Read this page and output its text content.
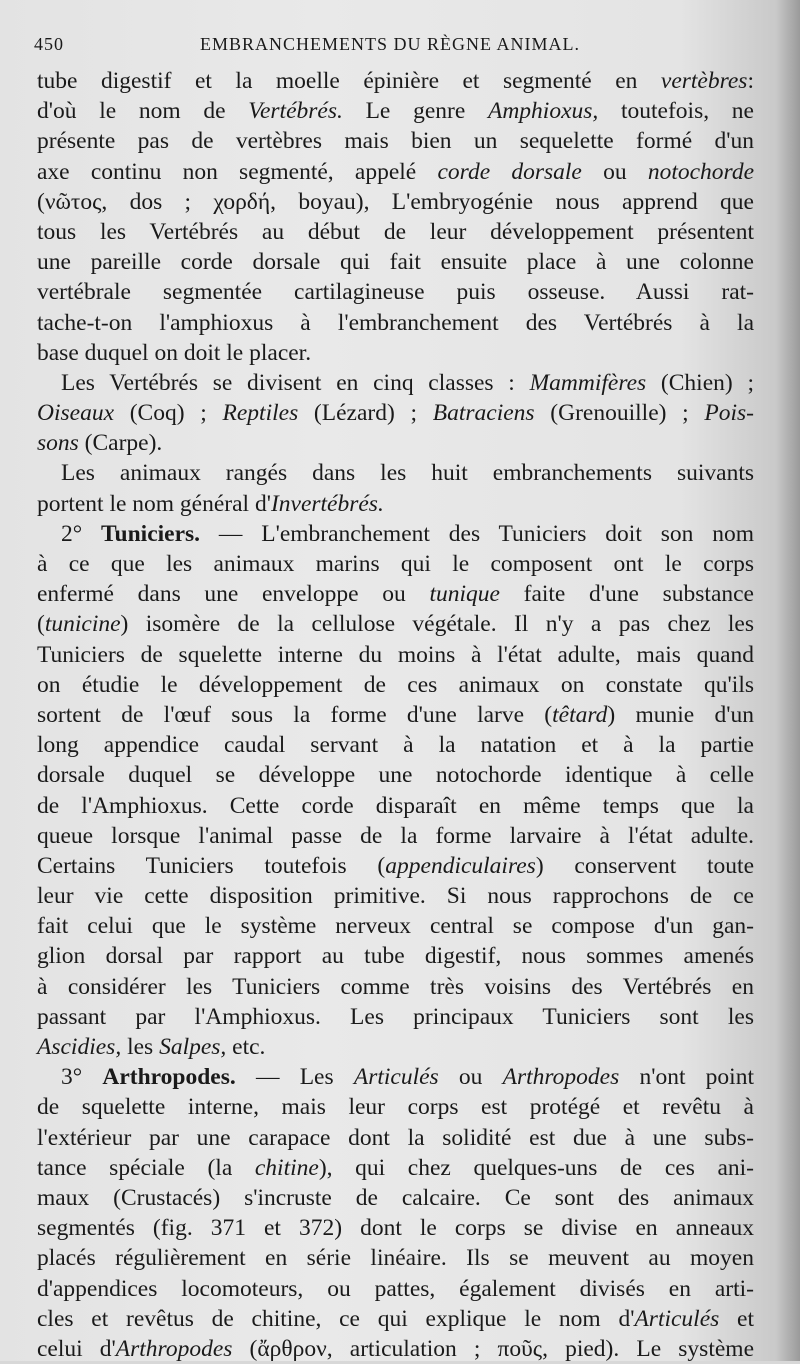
450	EMBRANCHEMENTS DU RÈGNE ANIMAL.
tube digestif et la moelle épinière et segmenté en vertèbres:
d'où le nom de Vertébrés. Le genre Amphioxus, toutefois, ne
présente pas de vertèbres mais bien un sequelette formé d'un
axe continu non segmenté, appelé corde dorsale ou notochorde
(νῶτος, dos ; χορδή, boyau), L'embryogénie nous apprend que
tous les Vertébrés au début de leur développement présentent
une pareille corde dorsale qui fait ensuite place à une colonne
vertébrale segmentée cartilagineuse puis osseuse. Aussi rat-
tache-t-on l'amphioxus à l'embranchement des Vertébrés à la
base duquel on doit le placer.
Les Vertébrés se divisent en cinq classes : Mammifères (Chien) ;
Oiseaux (Coq) ; Reptiles (Lézard) ; Batraciens (Grenouille) ; Pois-
sons (Carpe).
Les animaux rangés dans les huit embranchements suivants
portent le nom général d'Invertébrés.
2° Tuniciers. — L'embranchement des Tuniciers doit son nom
à ce que les animaux marins qui le composent ont le corps
enfermé dans une enveloppe ou tunique faite d'une substance
(tunicine) isomère de la cellulose végétale. Il n'y a pas chez les
Tuniciers de squelette interne du moins à l'état adulte, mais quand
on étudie le développement de ces animaux on constate qu'ils
sortent de l'œuf sous la forme d'une larve (têtard) munie d'un
long appendice caudal servant à la natation et à la partie
dorsale duquel se développe une notochorde identique à celle
de l'Amphioxus. Cette corde disparaît en même temps que la
queue lorsque l'animal passe de la forme larvaire à l'état adulte.
Certains Tuniciers toutefois (appendiculaires) conservent toute
leur vie cette disposition primitive. Si nous rapprochons de ce
fait celui que le système nerveux central se compose d'un gan-
glion dorsal par rapport au tube digestif, nous sommes amenés
à considérer les Tuniciers comme très voisins des Vertébrés en
passant par l'Amphioxus. Les principaux Tuniciers sont les
Ascidies, les Salpes, etc.
3° Arthropodes. — Les Articulés ou Arthropodes n'ont point
de squelette interne, mais leur corps est protégé et revêtu à
l'extérieur par une carapace dont la solidité est due à une subs-
tance spéciale (la chitine), qui chez quelques-uns de ces ani-
maux (Crustacés) s'incruste de calcaire. Ce sont des animaux
segmentés (fig. 371 et 372) dont le corps se divise en anneaux
placés régulièrement en série linéaire. Ils se meuvent au moyen
d'appendices locomoteurs, ou pattes, également divisés en arti-
cles et revêtus de chitine, ce qui explique le nom d'Articulés et
celui d'Arthropodes (ἄρθρον, articulation ; ποῦς, pied). Le système
